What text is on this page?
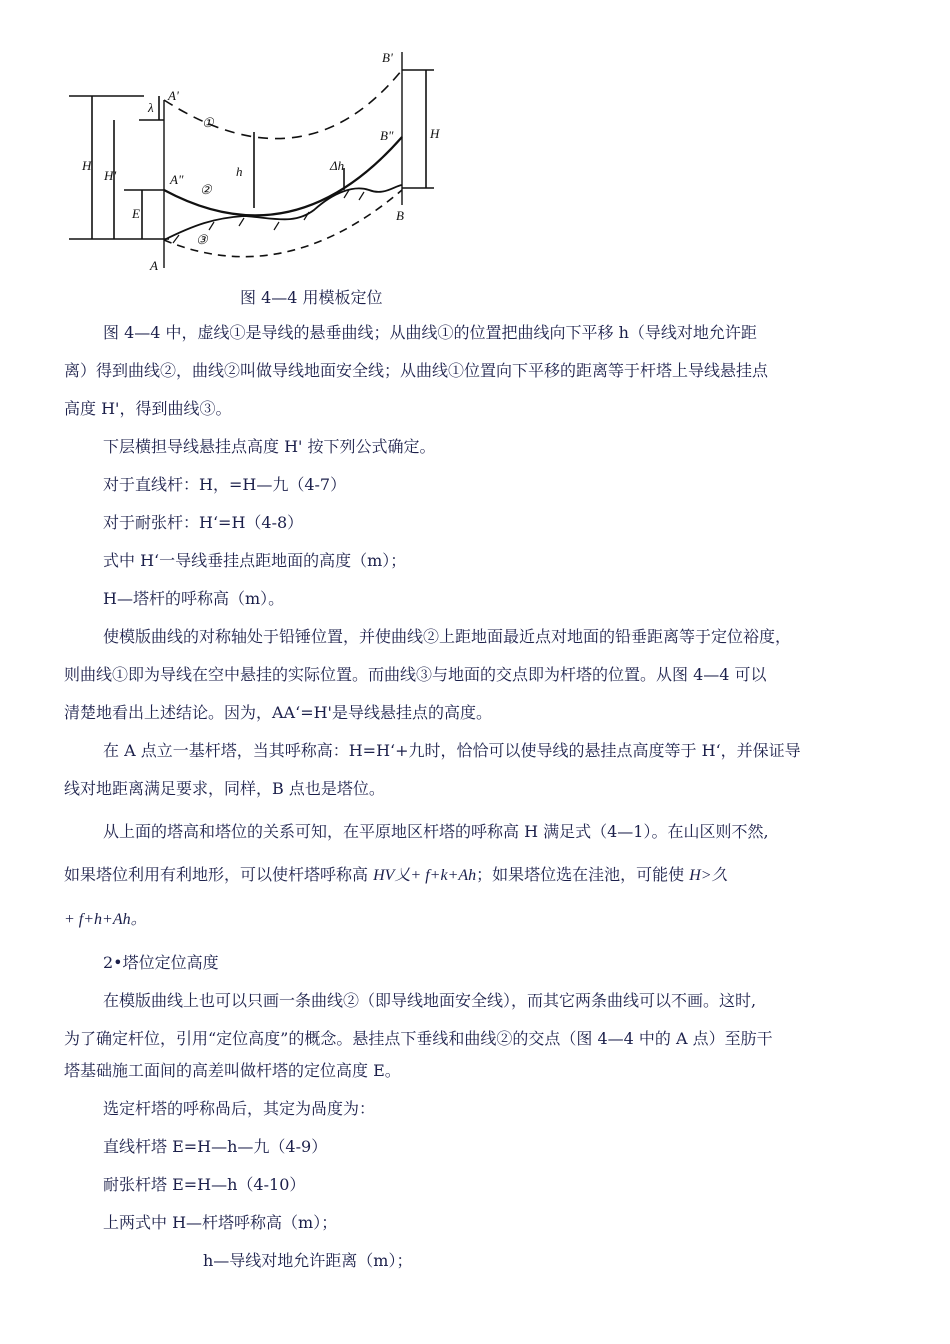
A'
A"
A
B'
B"
B
①
②
③
H
H'
λ
E
h	Δh
H
图 4—4 用模板定位
图 4—4 中，虚线①是导线的悬垂曲线；从曲线①的位置把曲线向下平移 h（导线对地允许距
离）得到曲线②，曲线②叫做导线地面安全线；从曲线①位置向下平移的距离等于杆塔上导线悬挂点
高度 H'，得到曲线③。
下层横担导线悬挂点高度 H' 按下列公式确定。
对于直线杆：H，=H—九（4-7）
对于耐张杆：H‘=H（4-8）
式中 H‘一导线垂挂点距地面的高度（m）；
H—塔杆的呼称高（m）。
使模版曲线的对称轴处于铅锤位置，并使曲线②上距地面最近点对地面的铅垂距离等于定位裕度，
则曲线①即为导线在空中悬挂的实际位置。而曲线③与地面的交点即为杆塔的位置。从图 4—4 可以
清楚地看出上述结论。因为，AA‘=H'是导线悬挂点的高度。
在 A 点立一基杆塔，当其呼称高：H=H‘+九时，恰恰可以使导线的悬挂点高度等于 H‘，并保证导
线对地距离满足要求，同样，B 点也是塔位。
从上面的塔高和塔位的关系可知，在平原地区杆塔的呼称高 H 满足式（4—1）。在山区则不然,
如果塔位利用有利地形，可以使杆塔呼称高 HV乂+ f+k+Ah；如果塔位选在洼池，可能使 H>久
+ f+h+Ah。
2•塔位定位高度
在模版曲线上也可以只画一条曲线②（即导线地面安全线），而其它两条曲线可以不画。这时,
为了确定杆位，引用“定位高度”的概念。悬挂点下垂线和曲线②的交点（图 4—4 中的 A 点）至肪干
塔基础施工面间的高差叫做杆塔的定位高度 E。
选定杆塔的呼称咼后，其定为咼度为：
直线杆塔 E=H—h—九（4-9）
耐张杆塔 E=H—h（4-10）
上两式中 H—杆塔呼称高（m）；
h—导线对地允许距离（m）；
